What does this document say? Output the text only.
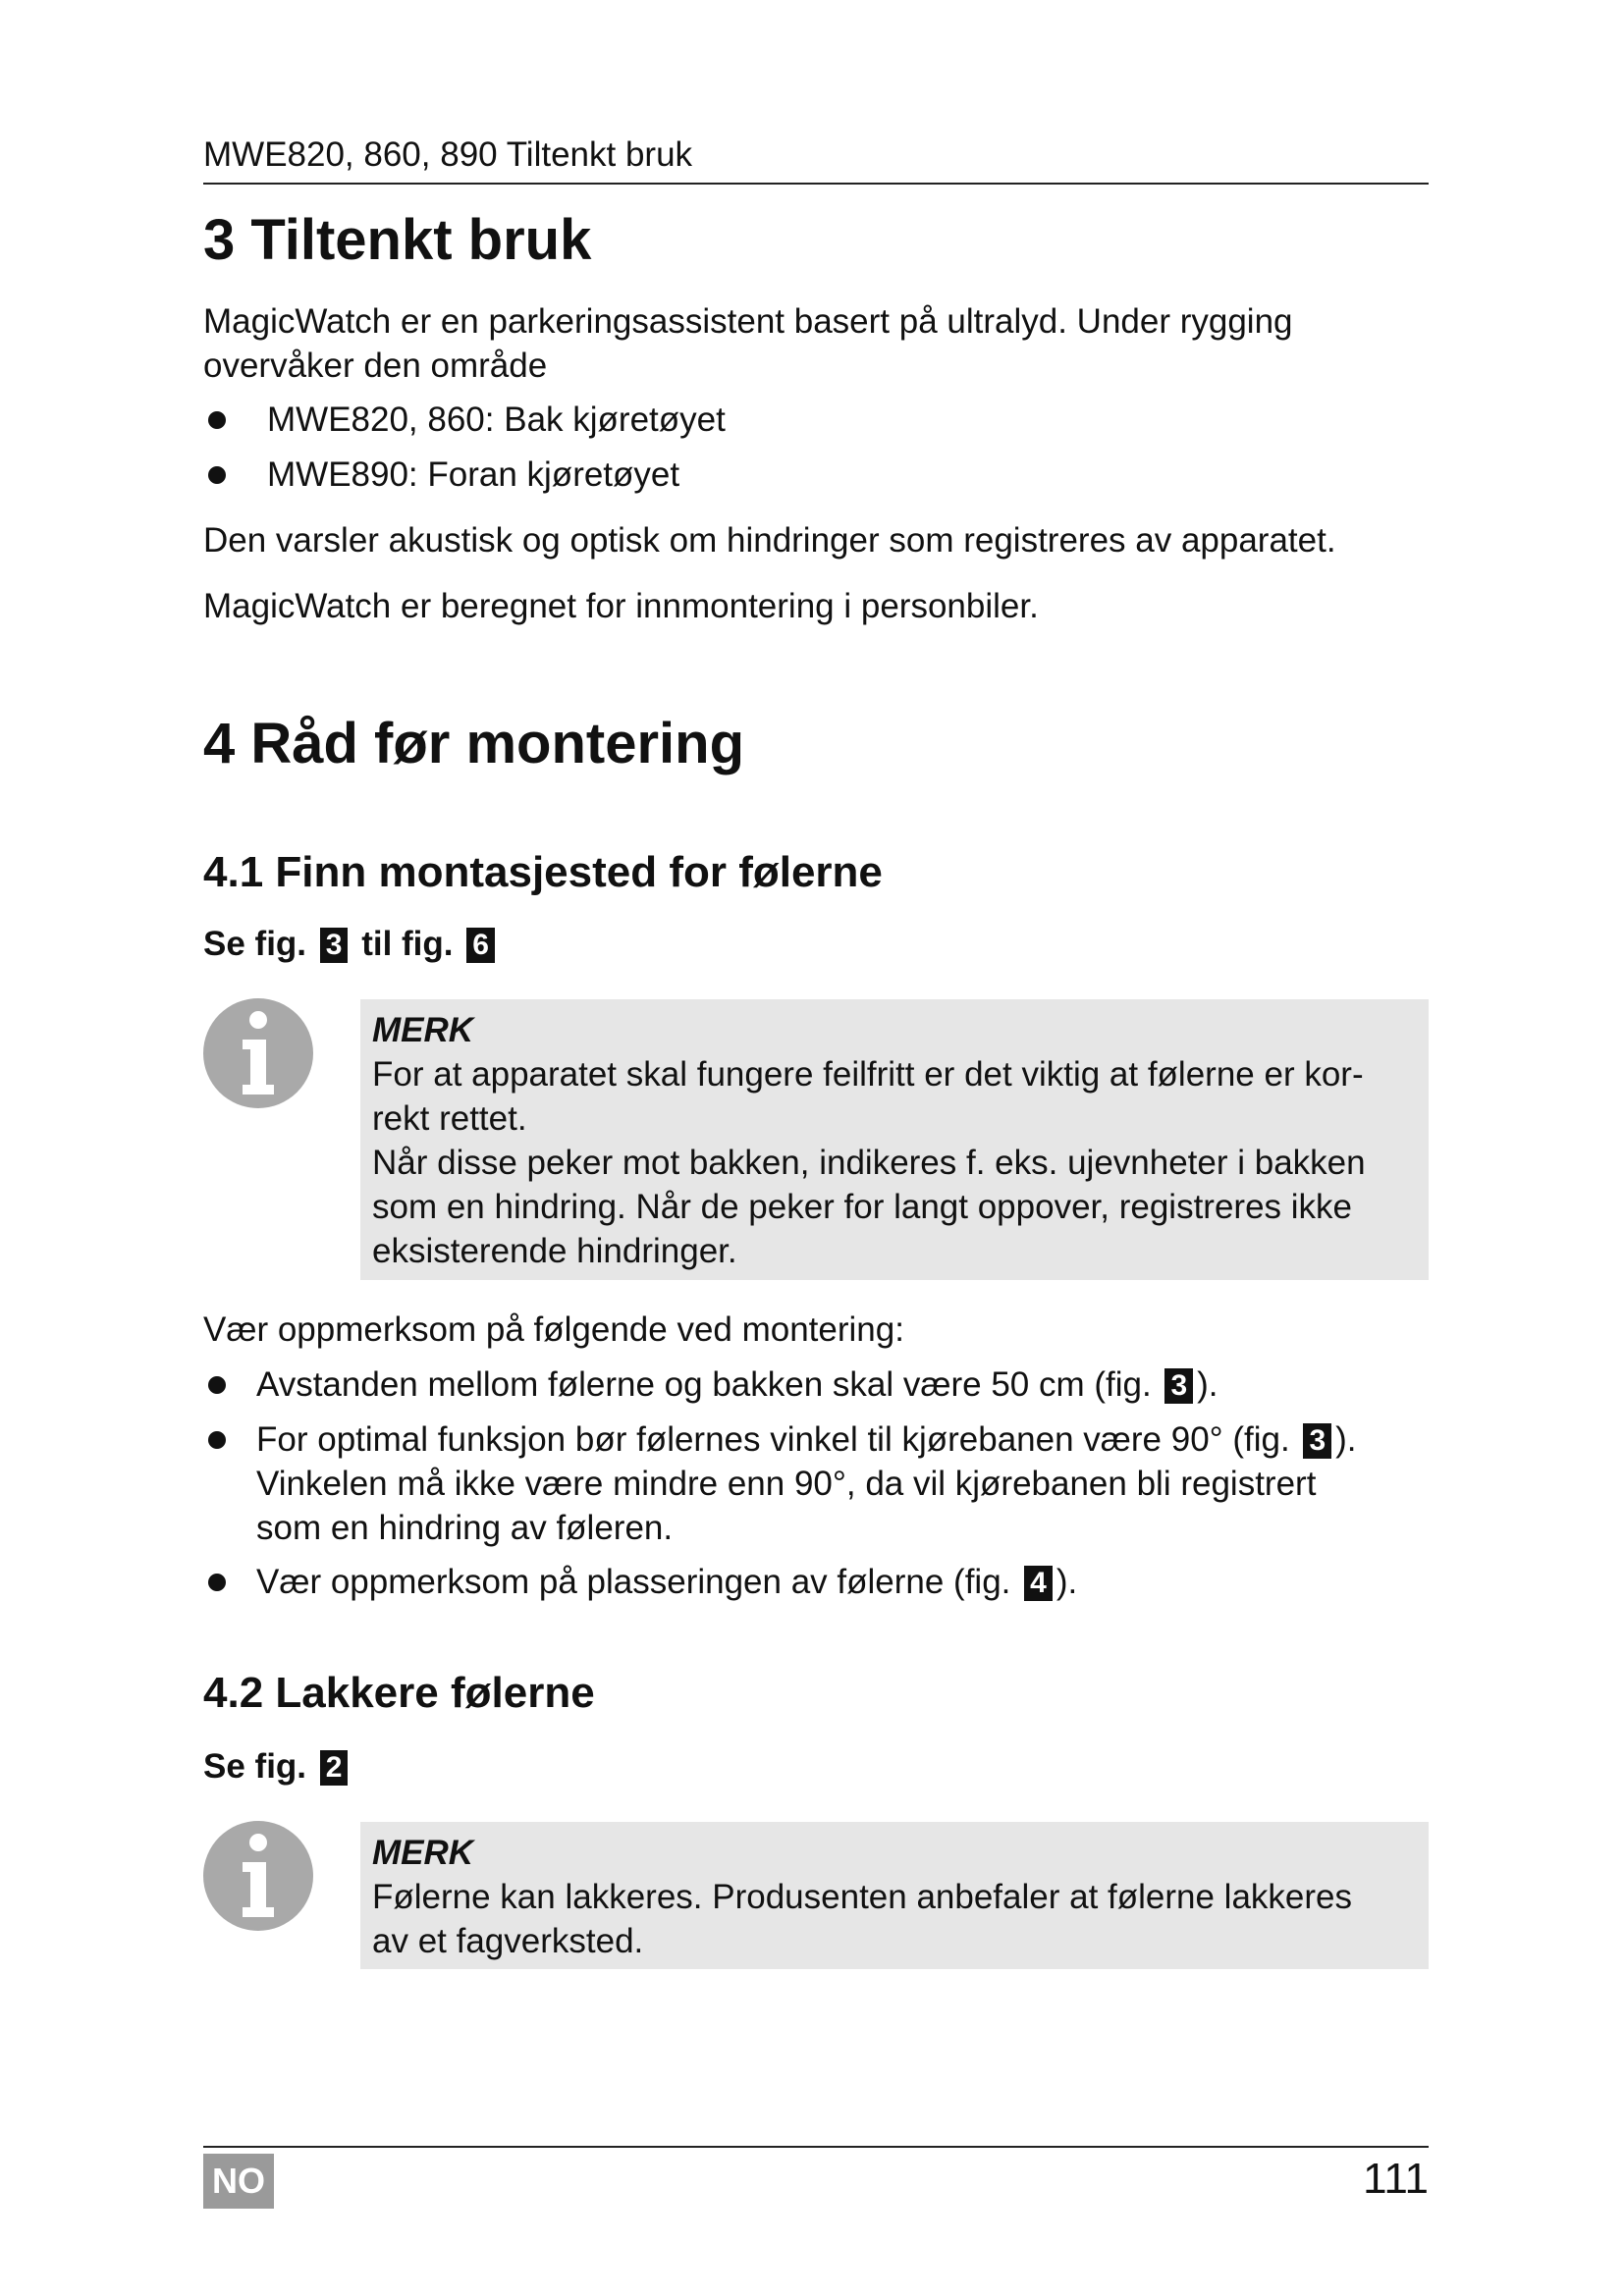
MWE820, 860, 890 Tiltenkt bruk
3 Tiltenkt bruk
MagicWatch er en parkeringsassistent basert på ultralyd. Under rygging
overvåker den område
MWE820, 860: Bak kjøretøyet
MWE890: Foran kjøretøyet
Den varsler akustisk og optisk om hindringer som registreres av apparatet.
MagicWatch er beregnet for innmontering i personbiler.
4 Råd før montering
4.1 Finn montasjested for følerne
Se fig. 3 til fig. 6
MERK
For at apparatet skal fungere feilfritt er det viktig at følerne er kor-
rekt rettet.
Når disse peker mot bakken, indikeres f. eks. ujevnheter i bakken
som en hindring. Når de peker for langt oppover, registreres ikke
eksisterende hindringer.
Vær oppmerksom på følgende ved montering:
Avstanden mellom følerne og bakken skal være 50 cm (fig. 3 ).
For optimal funksjon bør følernes vinkel til kjørebanen være 90° (fig. 3 ).
Vinkelen må ikke være mindre enn 90°, da vil kjørebanen bli registrert
som en hindring av føleren.
Vær oppmerksom på plasseringen av følerne (fig. 4 ).
4.2 Lakkere følerne
Se fig. 2
MERK
Følerne kan lakkeres. Produsenten anbefaler at følerne lakkeres
av et fagverksted.
NO	111
